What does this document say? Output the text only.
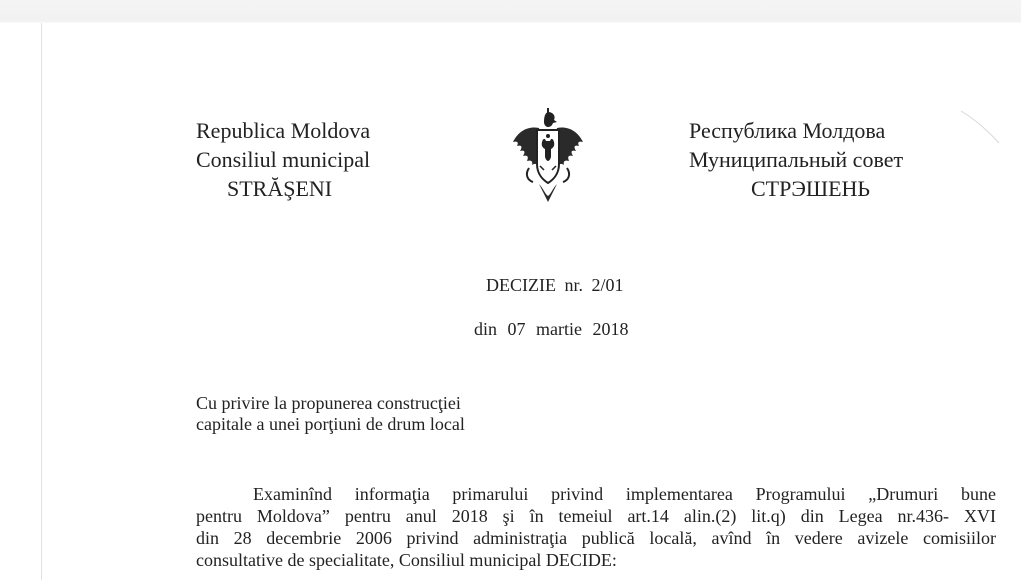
Republica Moldova
Consiliul municipal
STRĂŞENI
Республика Молдова
Муниципальный совет
СТРЭШЕНЬ
DECIZIE nr. 2/01
din 07 martie 2018
Cu privire la propunerea construcţiei
capitale a unei porţiuni de drum local
Examinînd informaţia primarului privind implementarea Programului „Drumuri bune
pentru Moldova” pentru anul 2018 şi în temeiul art.14 alin.(2) lit.q) din Legea nr.436- XVI
din 28 decembrie 2006 privind administraţia publică locală, avînd în vedere avizele comisiilor
consultative de specialitate, Consiliul municipal DECIDE:
